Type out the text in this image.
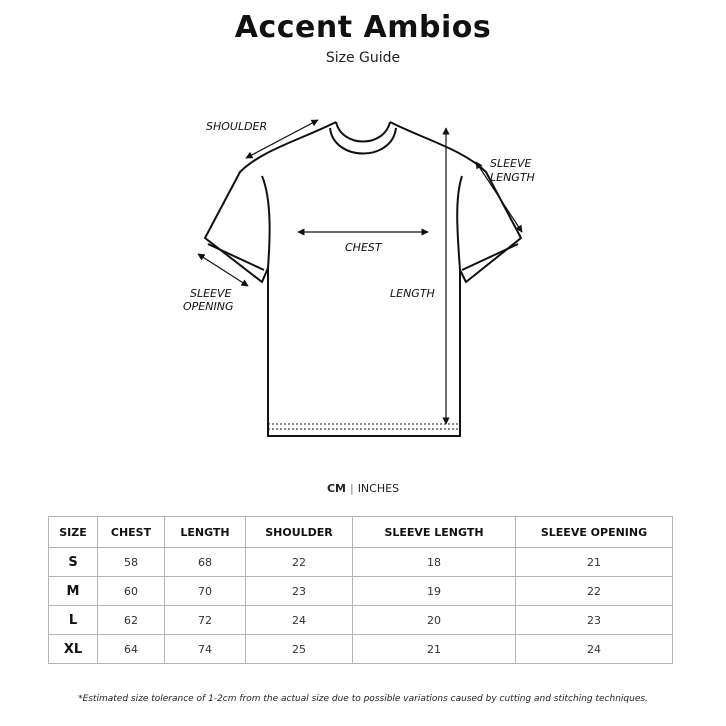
Accent Ambios
Size Guide
SHOULDER
SLEEVE
LENGTH
CHEST
LENGTH
SLEEVE
OPENING
CM | INCHES
SIZE	CHEST	LENGTH	SHOULDER	SLEEVE LENGTH	SLEEVE OPENING
S	58	68	22	18	21
M	60	70	23	19	22
L	62	72	24	20	23
XL	64	74	25	21	24
*Estimated size tolerance of 1-2cm from the actual size due to possible variations caused by cutting and stitching techniques.
